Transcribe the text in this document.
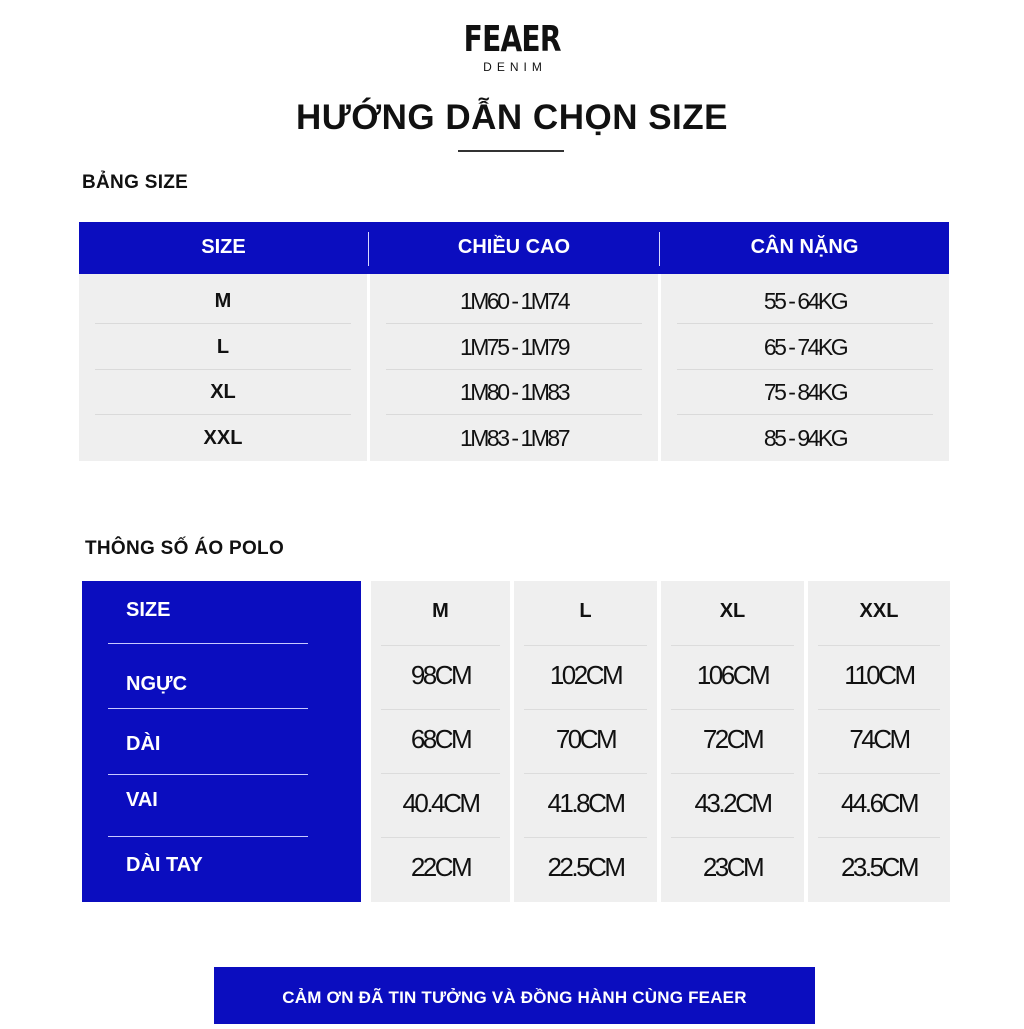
FEAER
DENIM
HƯỚNG DẪN CHỌN SIZE
BẢNG SIZE
SIZE	CHIỀU CAO	CÂN NẶNG
M
L
XL
XXL
1M60 - 1M74
1M75 - 1M79
1M80 - 1M83
1M83 - 1M87
55 - 64KG
65 - 74KG
75 - 84KG
85 - 94KG
THÔNG SỐ ÁO POLO
SIZE
NGỰC
DÀI
VAI
DÀI TAY
M
98CM
68CM
40.4CM
22CM
L
102CM
70CM
41.8CM
22.5CM
XL
106CM
72CM
43.2CM
23CM
XXL
110CM
74CM
44.6CM
23.5CM
CẢM ƠN ĐÃ TIN TƯỞNG VÀ ĐỒNG HÀNH CÙNG FEAER
